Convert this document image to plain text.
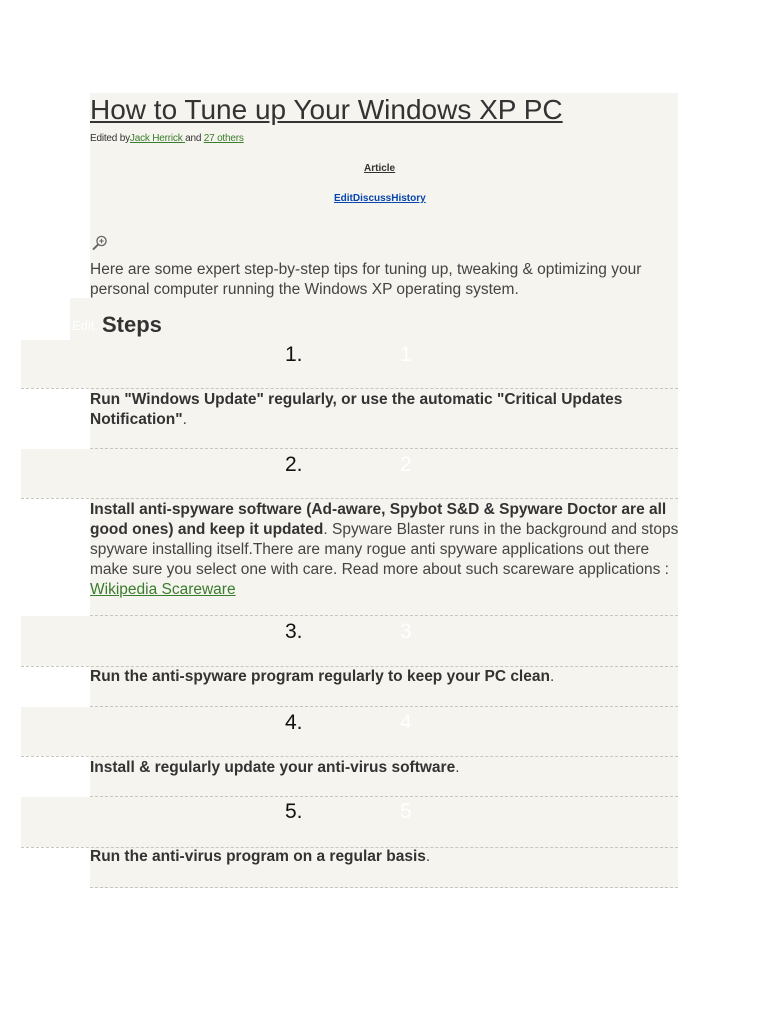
How to Tune up Your Windows XP PC
Edited byJack Herrick and 27 others
Article
EditDiscussHistory

Here are some expert step-by-step tips for tuning up, tweaking & optimizing your personal computer running the Windows XP operating system.

Edit Steps
1.	1
Run "Windows Update" regularly, or use the automatic "Critical Updates Notification".
2.	2
Install anti-spyware software (Ad-aware, Spybot S&D & Spyware Doctor are all good ones) and keep it updated. Spyware Blaster runs in the background and stops spyware installing itself.There are many rogue anti spyware applications out there make sure you select one with care. Read more about such scareware applications : Wikipedia Scareware
3.	3
Run the anti-spyware program regularly to keep your PC clean.
4.	4
Install & regularly update your anti-virus software.
5.	5
Run the anti-virus program on a regular basis.
